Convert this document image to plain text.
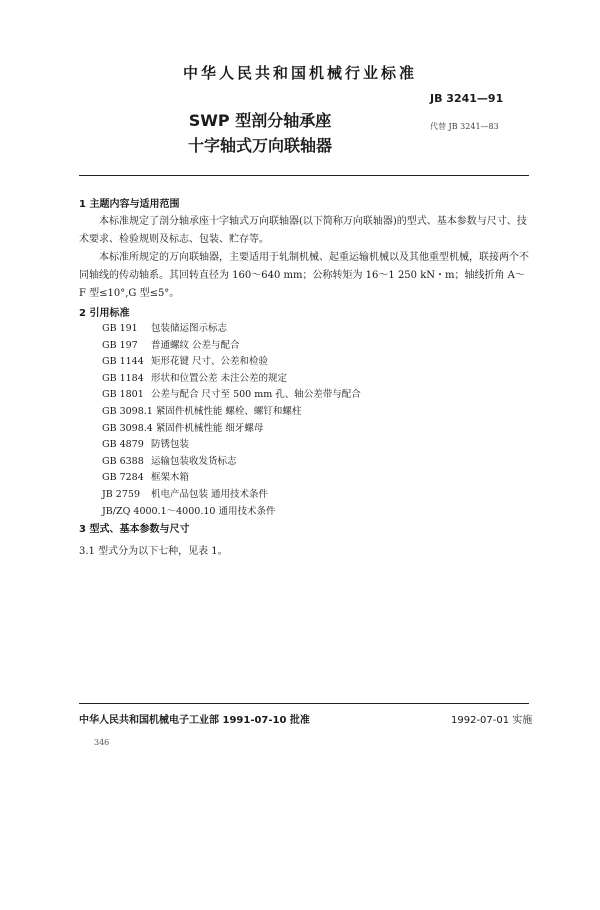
中华人民共和国机械行业标准
JB 3241—91
SWP 型剖分轴承座	代替 JB 3241—83
十字轴式万向联轴器
1 主题内容与适用范围
本标准规定了剖分轴承座十字轴式万向联轴器(以下简称万向联轴器)的型式、基本参数与尺寸、技术要求、检验规则及标志、包装、贮存等。
本标准所规定的万向联轴器，主要适用于轧制机械、起重运输机械以及其他重型机械，联接两个不同轴线的传动轴系。其回转直径为 160～640 mm；公称转矩为 16～1 250 kN・m；轴线折角 A～F 型≤10°,G 型≤5°。
2 引用标准
GB 191 包装储运图示标志
GB 197 普通螺纹 公差与配合
GB 1144 矩形花键 尺寸、公差和检验
GB 1184 形状和位置公差 未注公差的规定
GB 1801 公差与配合 尺寸至 500 mm 孔、轴公差带与配合
GB 3098.1 紧固件机械性能 螺栓、螺钉和螺柱
GB 3098.4 紧固件机械性能 细牙螺母
GB 4879 防锈包装
GB 6388 运输包装收发货标志
GB 7284 框架木箱
JB 2759 机电产品包装 通用技术条件
JB/ZQ 4000.1～4000.10 通用技术条件
3 型式、基本参数与尺寸
3.1 型式分为以下七种，见表 1。
中华人民共和国机械电子工业部 1991-07-10 批准	1992-07-01 实施
346
